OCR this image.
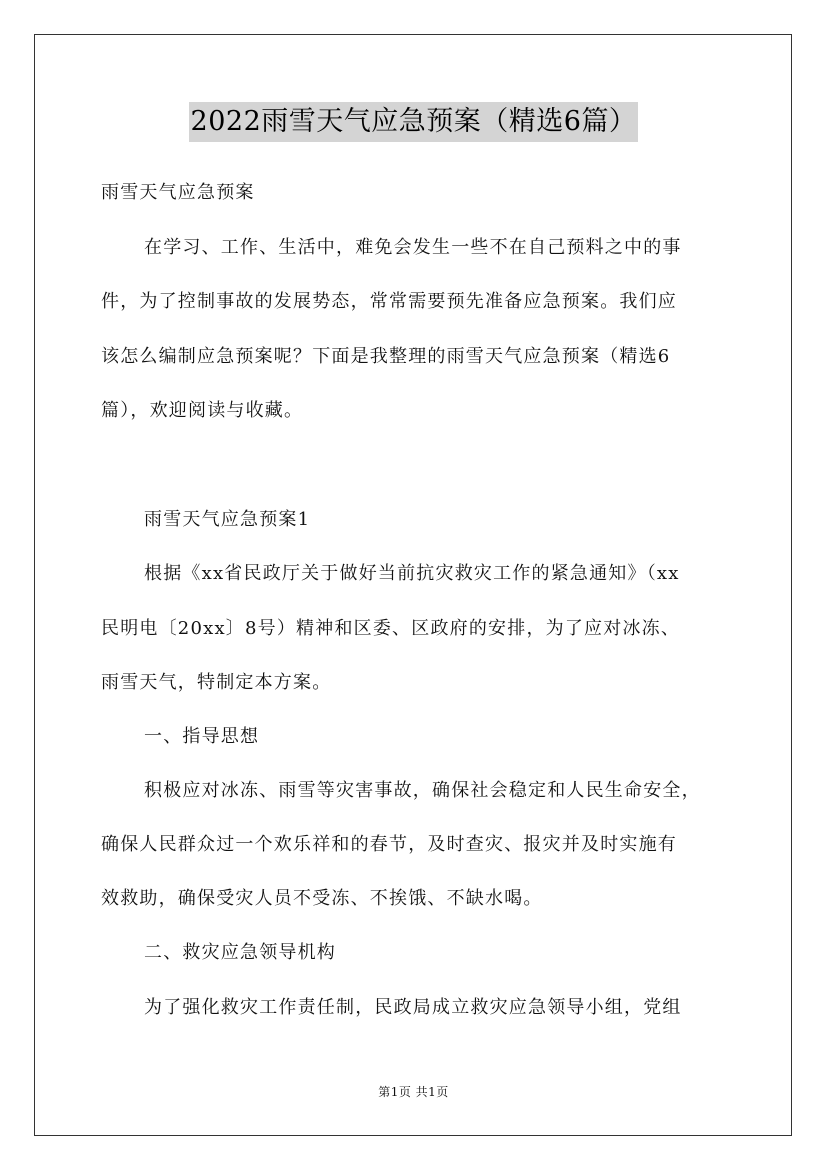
2022雨雪天气应急预案（精选6篇）
雨雪天气应急预案
在学习、工作、生活中，难免会发生一些不在自己预料之中的事
件，为了控制事故的发展势态，常常需要预先准备应急预案。我们应
该怎么编制应急预案呢？下面是我整理的雨雪天气应急预案（精选6
篇），欢迎阅读与收藏。
雨雪天气应急预案1
根据《xx省民政厅关于做好当前抗灾救灾工作的紧急通知》（xx
民明电〔20xx〕8号）精神和区委、区政府的安排，为了应对冰冻、
雨雪天气，特制定本方案。
一、指导思想
积极应对冰冻、雨雪等灾害事故，确保社会稳定和人民生命安全，
确保人民群众过一个欢乐祥和的春节，及时查灾、报灾并及时实施有
效救助，确保受灾人员不受冻、不挨饿、不缺水喝。
二、救灾应急领导机构
为了强化救灾工作责任制，民政局成立救灾应急领导小组，党组
第1页 共1页
